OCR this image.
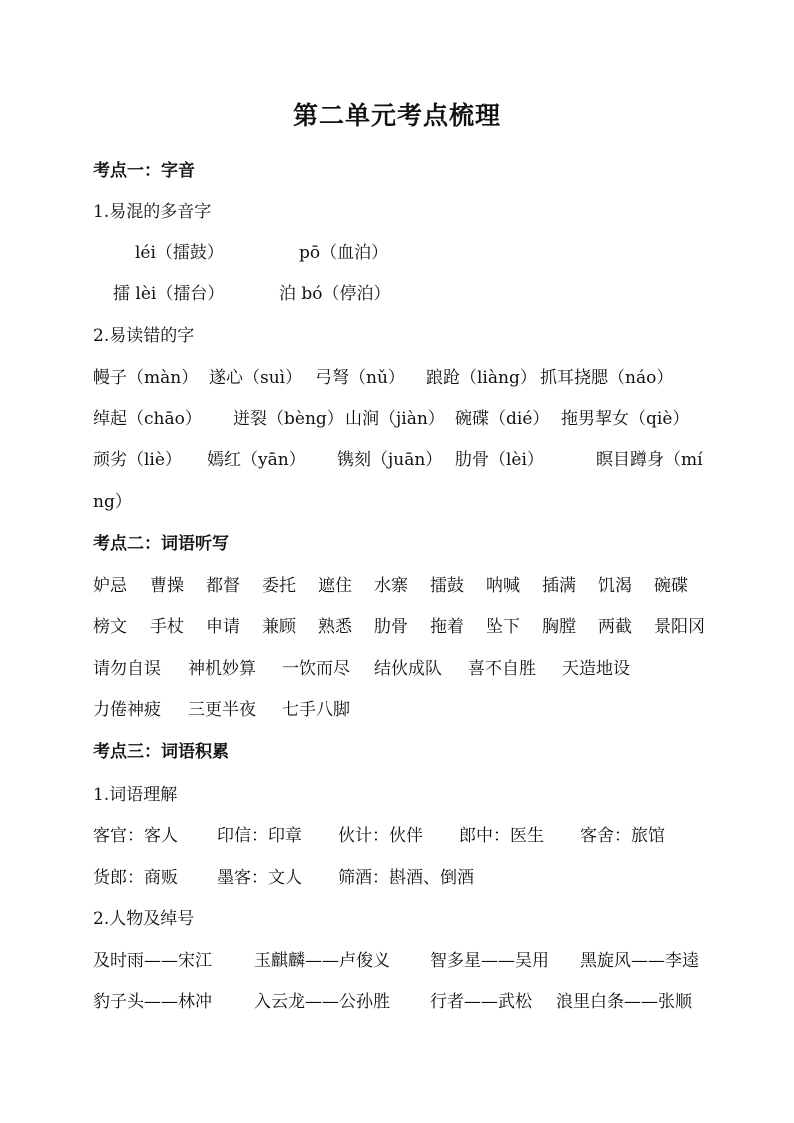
第二单元考点梳理
考点一：字音
1.易混的多音字
léi（擂鼓）	pō（血泊）
擂 lèi（擂台）	泊 bó（停泊）
2.易读错的字
幔子（màn） 遂心（suì） 弓弩（nǔ） 踉跄（liàng） 抓耳挠腮（náo）
绰起（chāo） 迸裂（bèng） 山涧（jiàn） 碗碟（dié） 拖男挈女（qiè）
顽劣（liè） 嫣红（yān） 镌刻（juān） 肋骨（lèi）	瞑目蹲身（mí
ng）
考点二：词语听写
妒忌 曹操 都督 委托 遮住 水寨 擂鼓 呐喊 插满 饥渴 碗碟
榜文 手杖 申请 兼顾 熟悉 肋骨 拖着 坠下 胸膛 两截 景阳冈
请勿自误 神机妙算 一饮而尽 结伙成队 喜不自胜 天造地设
力倦神疲 三更半夜 七手八脚
考点三：词语积累
1.词语理解
客官：客人 印信：印章 伙计：伙伴 郎中：医生 客舍：旅馆
货郎：商贩 墨客：文人 筛酒：斟酒、倒酒
2.人物及绰号
及时雨——宋江 玉麒麟——卢俊义 智多星——吴用 黑旋风——李逵
豹子头——林冲 入云龙——公孙胜 行者——武松 浪里白条——张顺
